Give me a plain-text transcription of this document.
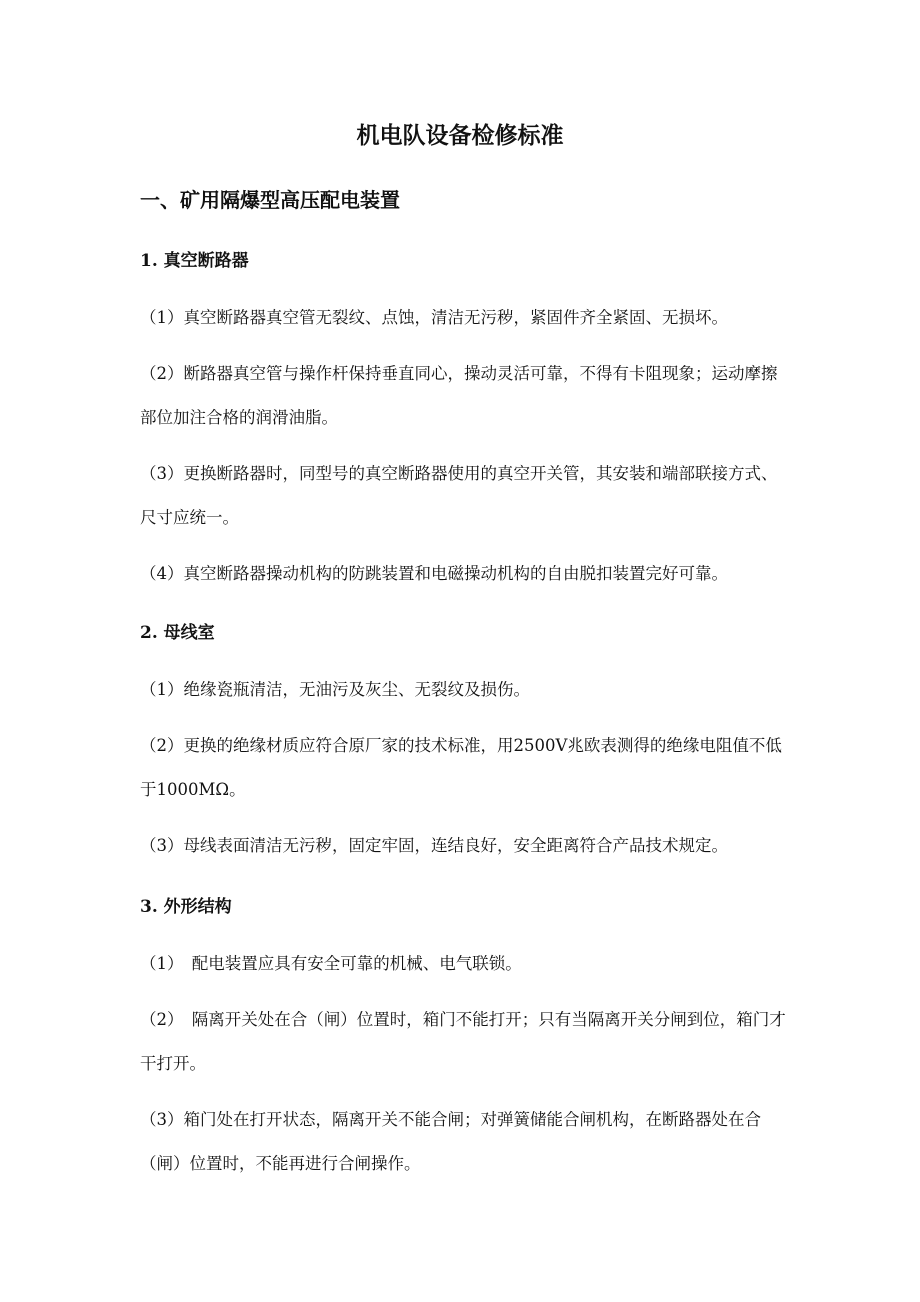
机电队设备检修标准
一、矿用隔爆型高压配电装置
1. 真空断路器
（1）真空断路器真空管无裂纹、点蚀，清洁无污秽，紧固件齐全紧固、无损坏。
（2）断路器真空管与操作杆保持垂直同心，操动灵活可靠，不得有卡阻现象；运动摩擦部位加注合格的润滑油脂。
（3）更换断路器时，同型号的真空断路器使用的真空开关管，其安装和端部联接方式、尺寸应统一。
（4）真空断路器操动机构的防跳装置和电磁操动机构的自由脱扣装置完好可靠。
2. 母线室
（1）绝缘瓷瓶清洁，无油污及灰尘、无裂纹及损伤。
（2）更换的绝缘材质应符合原厂家的技术标准，用2500V兆欧表测得的绝缘电阻值不低于1000MΩ。
（3）母线表面清洁无污秽，固定牢固，连结良好，安全距离符合产品技术规定。
3. 外形结构
（1）　配电装置应具有安全可靠的机械、电气联锁。
（2）　隔离开关处在合（闸）位置时，箱门不能打开；只有当隔离开关分闸到位，箱门才干打开。
（3）箱门处在打开状态，隔离开关不能合闸；对弹簧储能合闸机构，在断路器处在合（闸）位置时，不能再进行合闸操作。
